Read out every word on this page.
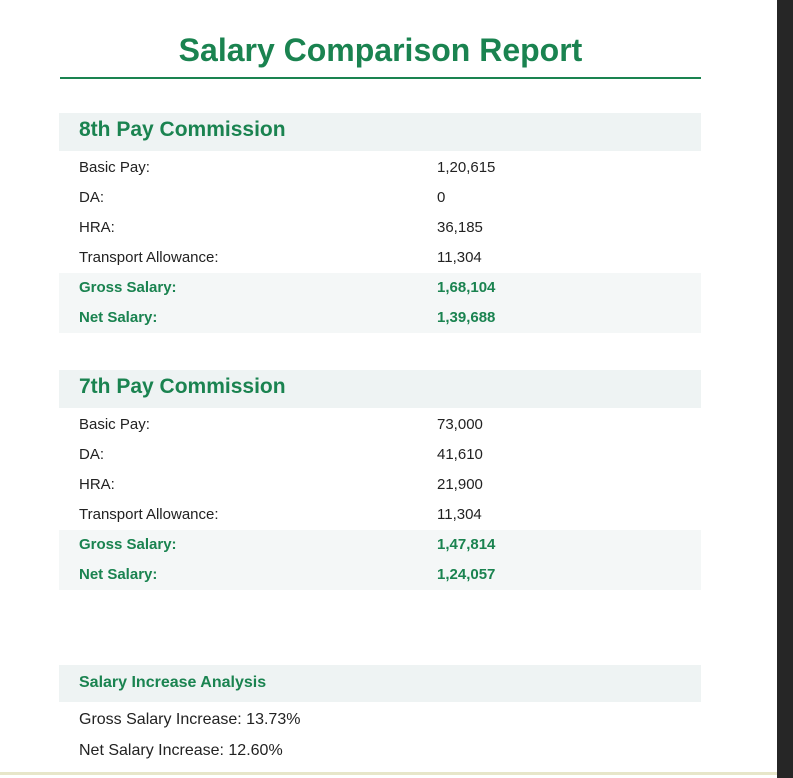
Salary Comparison Report
8th Pay Commission
Basic Pay:	1,20,615
DA:	0
HRA:	36,185
Transport Allowance:	11,304
Gross Salary:	1,68,104
Net Salary:	1,39,688
7th Pay Commission
Basic Pay:	73,000
DA:	41,610
HRA:	21,900
Transport Allowance:	11,304
Gross Salary:	1,47,814
Net Salary:	1,24,057
Salary Increase Analysis
Gross Salary Increase: 13.73%
Net Salary Increase: 12.60%
